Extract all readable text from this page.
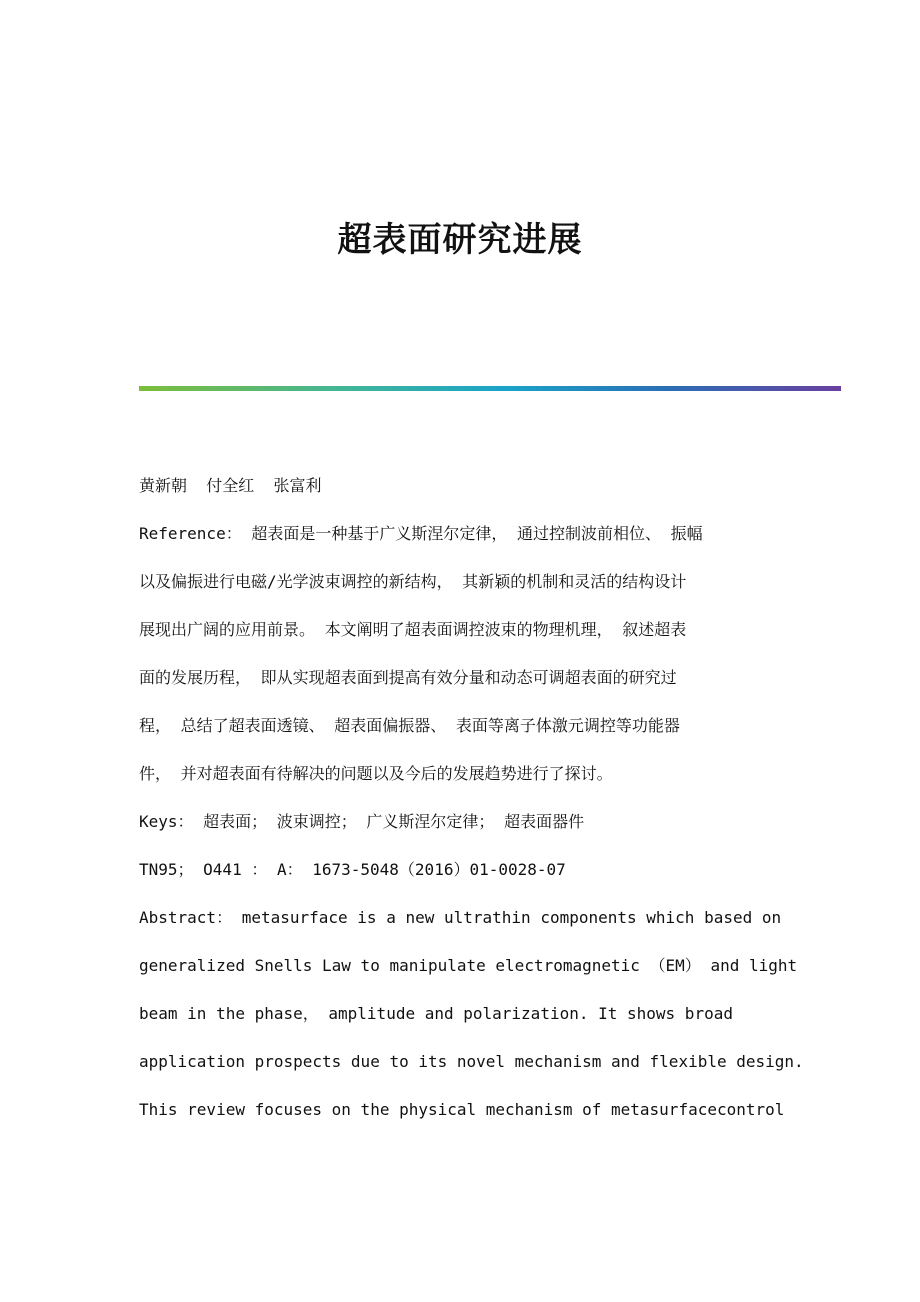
超表面研究进展
黄新朝  付全红  张富利
Reference： 超表面是一种基于广义斯涅尔定律， 通过控制波前相位、 振幅
以及偏振进行电磁/光学波束调控的新结构， 其新颖的机制和灵活的结构设计
展现出广阔的应用前景。 本文阐明了超表面调控波束的物理机理， 叙述超表
面的发展历程， 即从实现超表面到提高有效分量和动态可调超表面的研究过
程， 总结了超表面透镜、 超表面偏振器、 表面等离子体激元调控等功能器
件， 并对超表面有待解决的问题以及今后的发展趋势进行了探讨。
Keys： 超表面； 波束调控； 广义斯涅尔定律； 超表面器件
TN95； O441 ： A： 1673-5048（2016）01-0028-07
Abstract： metasurface is a new ultrathin components which based on
generalized Snells Law to manipulate electromagnetic （EM） and light
beam in the phase， amplitude and polarization. It shows broad
application prospects due to its novel mechanism and flexible design.
This review focuses on the physical mechanism of metasurfacecontrol
